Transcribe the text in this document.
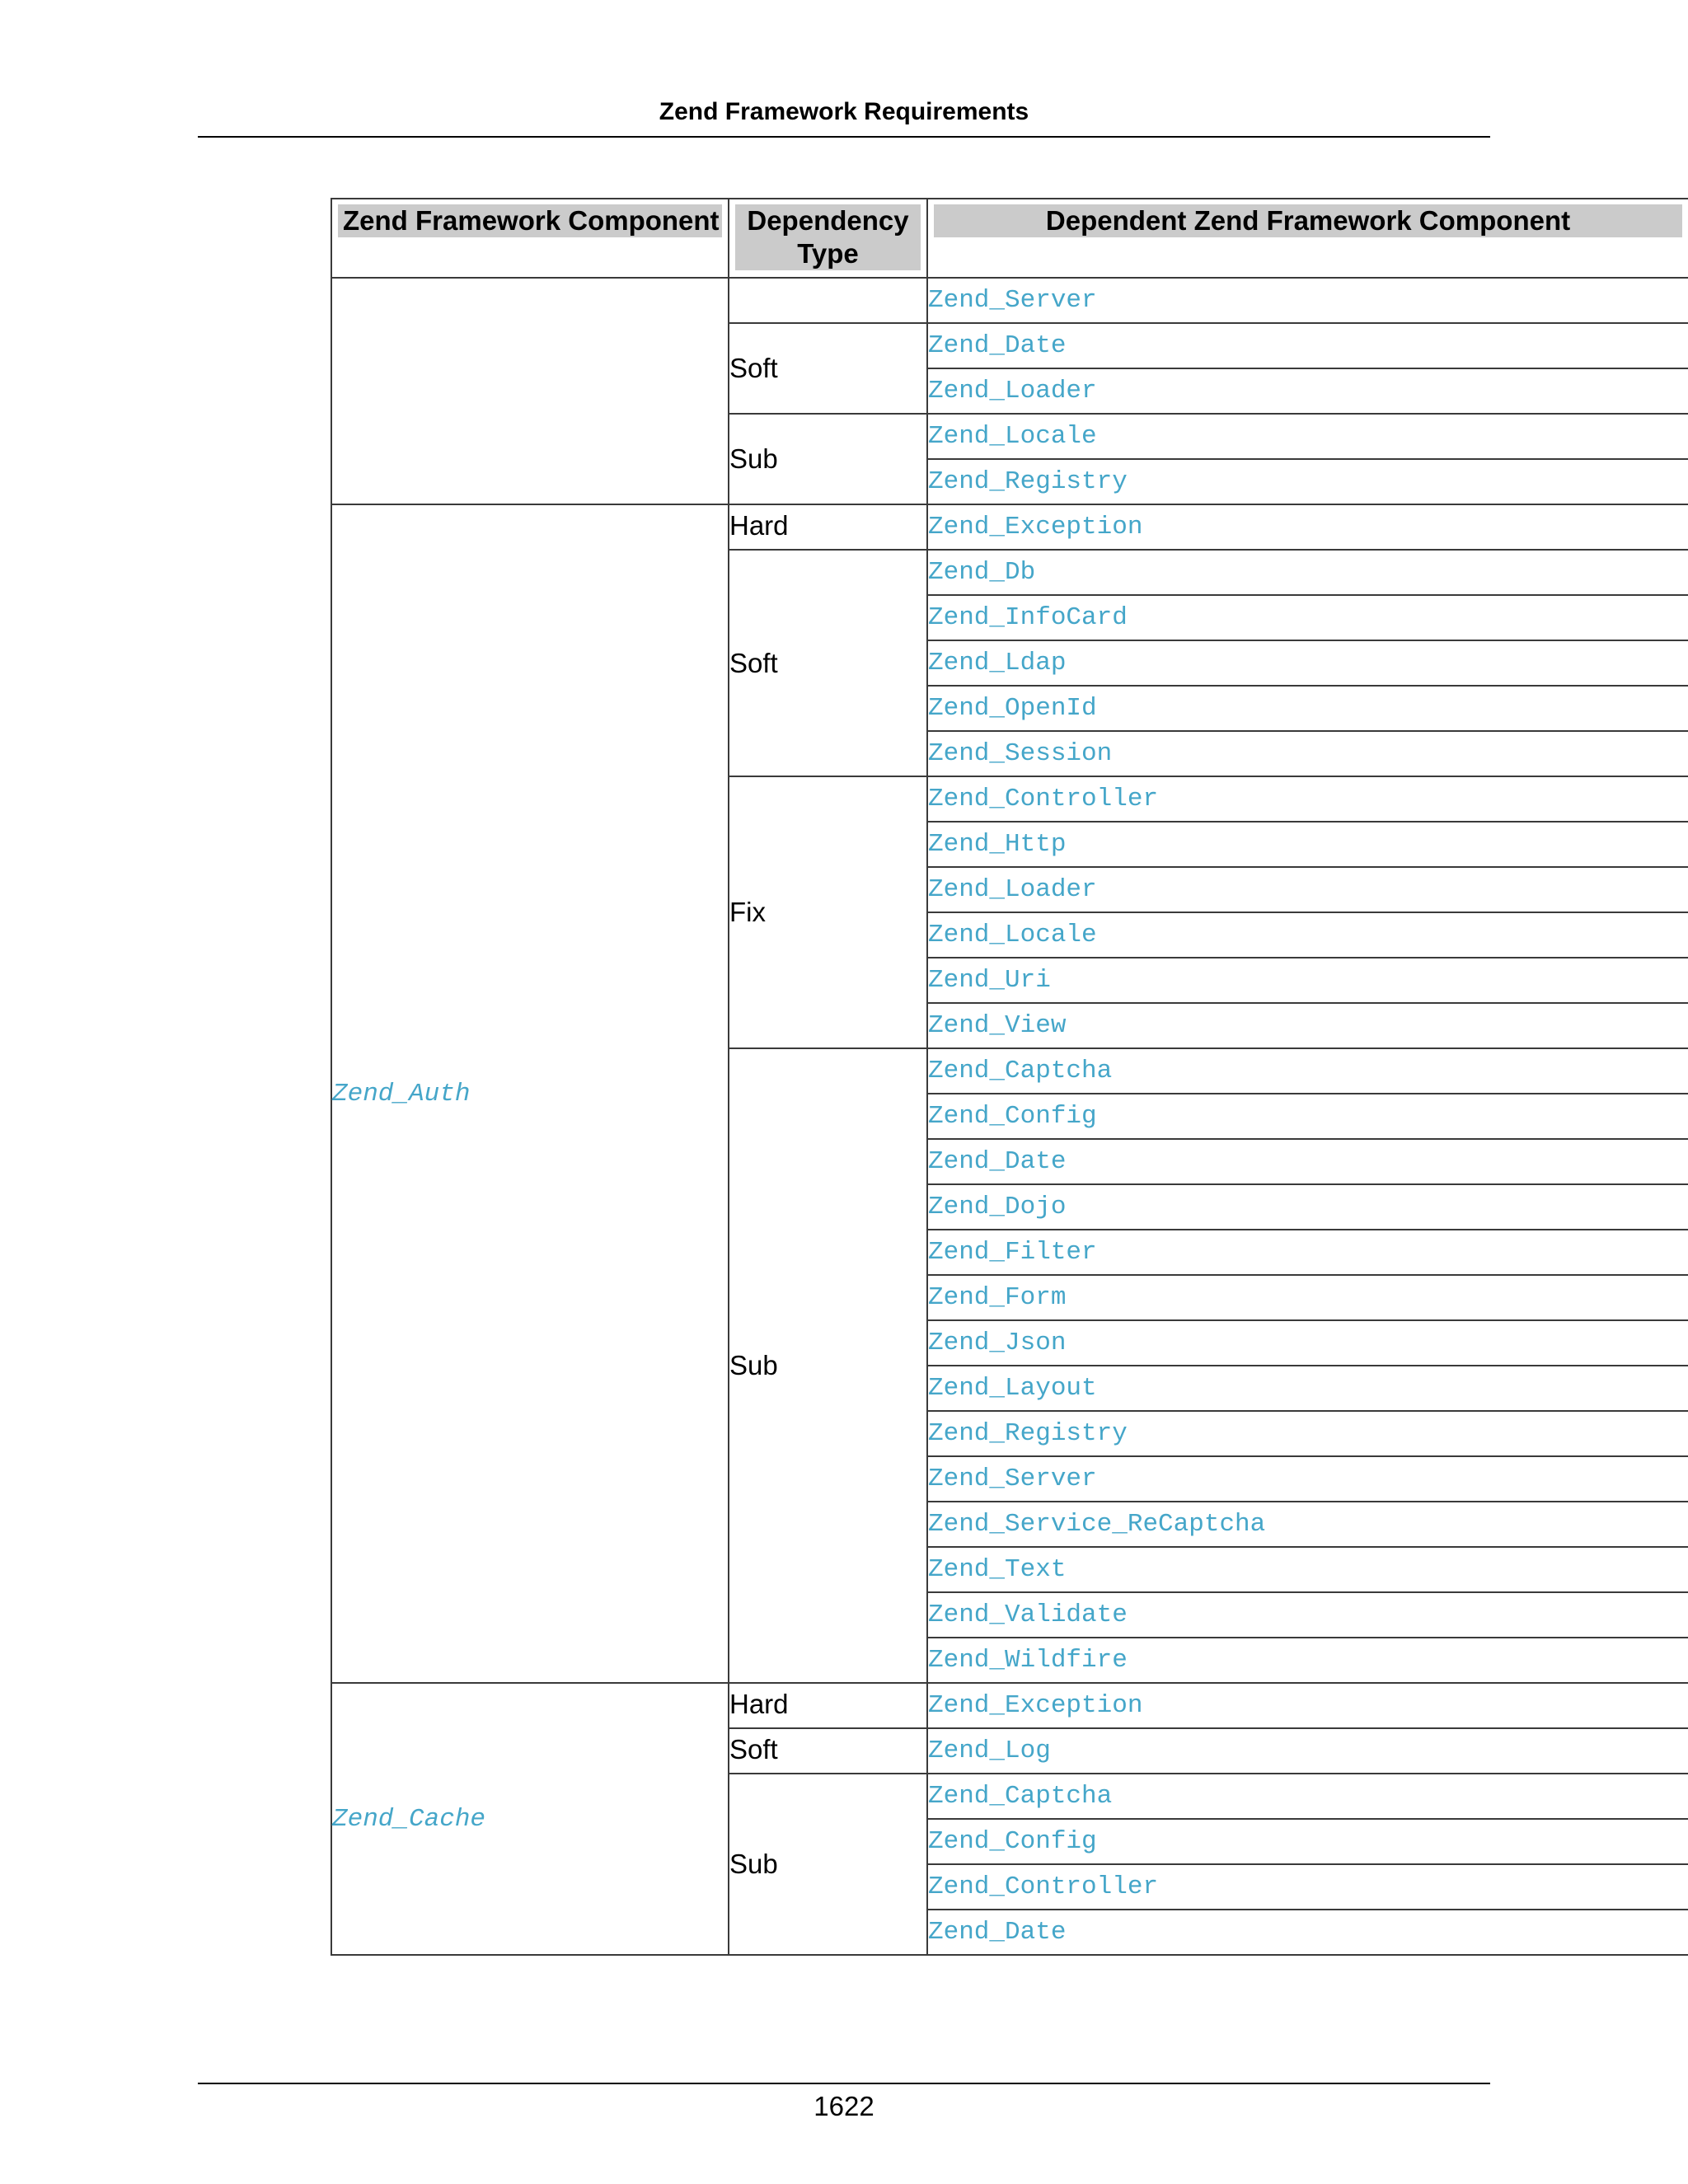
Zend Framework Requirements
Zend Framework Component	Dependency Type	Dependent Zend Framework Component

		Zend_Server
	Soft	Zend_Date
		Zend_Loader
	Sub	Zend_Locale
		Zend_Registry
Zend_Auth	Hard	Zend_Exception
	Soft	Zend_Db
		Zend_InfoCard
		Zend_Ldap
		Zend_OpenId
		Zend_Session
	Fix	Zend_Controller
		Zend_Http
		Zend_Loader
		Zend_Locale
		Zend_Uri
		Zend_View
	Sub	Zend_Captcha
		Zend_Config
		Zend_Date
		Zend_Dojo
		Zend_Filter
		Zend_Form
		Zend_Json
		Zend_Layout
		Zend_Registry
		Zend_Server
		Zend_Service_ReCaptcha
		Zend_Text
		Zend_Validate
		Zend_Wildfire
Zend_Cache	Hard	Zend_Exception
	Soft	Zend_Log
	Sub	Zend_Captcha
		Zend_Config
		Zend_Controller
		Zend_Date
1622
